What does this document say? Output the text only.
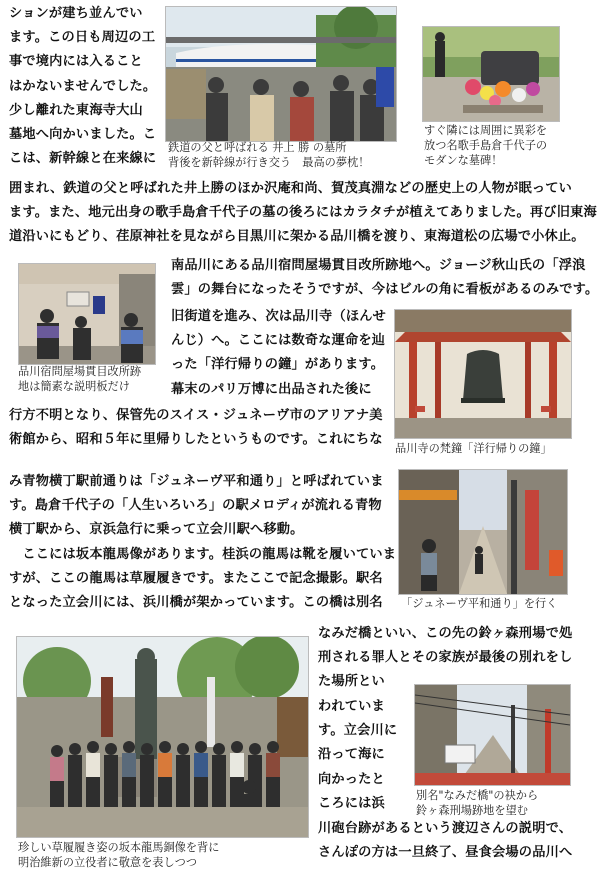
ションが建ち並んでい
ます。この日も周辺の工
事で境内には入ること
はかないませんでした。
少し離れた東海寺大山
墓地へ向かいました。こ
こは、新幹線と在来線に
囲まれ、鉄道の父と呼ばれた井上勝のほか沢庵和尚、賀茂真淵などの歴史上の人物が眠ってい
ます。また、地元出身の歌手島倉千代子の墓の後ろにはカラタチが植えてありました。再び旧東海
道沿いにもどり、荏原神社を見ながら目黒川に架かる品川橋を渡り、東海道松の広場で小休止。
南品川にある品川宿問屋場貫目改所跡地へ。ジョージ秋山氏の「浮浪
雲」の舞台になったそうですが、今はビルの角に看板があるのみです。
旧街道を進み、次は品川寺（ほんせ
んじ）へ。ここには数奇な運命を辿
った「洋行帰りの鐘」があります。
幕末のパリ万博に出品された後に
行方不明となり、保管先のスイス・ジュネーヴ市のアリアナ美
術館から、昭和５年に里帰りしたというものです。これにちな
み青物横丁駅前通りは「ジュネーヴ平和通り」と呼ばれていま
す。島倉千代子の「人生いろいろ」の駅メロディが流れる青物
横丁駅から、京浜急行に乗って立会川駅へ移動。
　ここには坂本龍馬像があります。桂浜の龍馬は靴を履いていま
すが、ここの龍馬は草履履きです。またここで記念撮影。駅名
となった立会川には、浜川橋が架かっています。この橋は別名
なみだ橋といい、この先の鈴ヶ森刑場で処
刑される罪人とその家族が最後の別れをし
た場所とい
われていま
す。立会川に
沿って海に
向かったと
ころには浜
川砲台跡があるという渡辺さんの説明で、
さんぽの方は一旦終了、昼食会場の品川へ
鉄道の父と呼ばれる 井上 勝 の墓所
背後を新幹線が行き交う　最高の夢枕！
すぐ隣には周囲に異彩を
放つ名歌手島倉千代子の
モダンな墓碑！
品川宿問屋場貫目改所跡
地は簡素な説明板だけ
品川寺の梵鐘「洋行帰りの鐘」
「ジュネーヴ平和通り」を行く
珍しい草履履き姿の坂本龍馬銅像を背に
明治維新の立役者に敬意を表しつつ
別名"なみだ橋"の袂から
鈴ヶ森刑場跡地を望む
